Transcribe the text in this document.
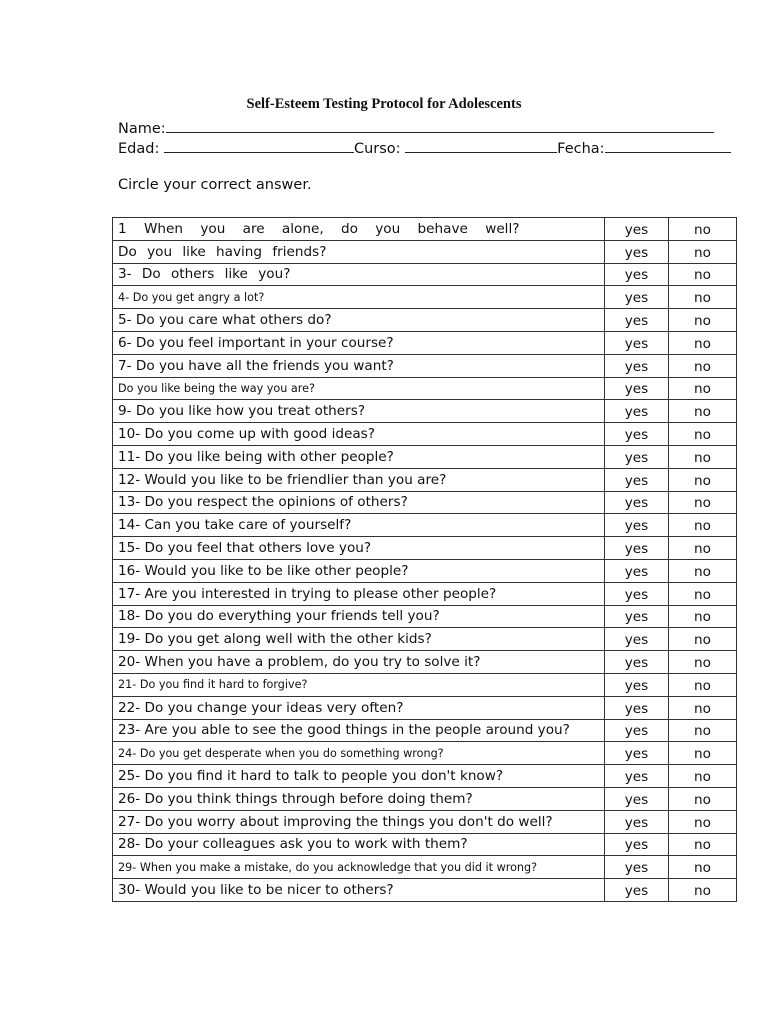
Self-Esteem Testing Protocol for Adolescents
Name:
Edad:	Curso:	Fecha:
Circle your correct answer.
1 When you are alone, do you behave well?	yes	no
Do you like having friends?	yes	no
3- Do others like you?	yes	no
4- Do you get angry a lot?	yes	no
5- Do you care what others do?	yes	no
6- Do you feel important in your course?	yes	no
7- Do you have all the friends you want?	yes	no
Do you like being the way you are?	yes	no
9- Do you like how you treat others?	yes	no
10- Do you come up with good ideas?	yes	no
11- Do you like being with other people?	yes	no
12- Would you like to be friendlier than you are?	yes	no
13- Do you respect the opinions of others?	yes	no
14- Can you take care of yourself?	yes	no
15- Do you feel that others love you?	yes	no
16- Would you like to be like other people?	yes	no
17- Are you interested in trying to please other people?	yes	no
18- Do you do everything your friends tell you?	yes	no
19- Do you get along well with the other kids?	yes	no
20- When you have a problem, do you try to solve it?	yes	no
21- Do you find it hard to forgive?	yes	no
22- Do you change your ideas very often?	yes	no
23- Are you able to see the good things in the people around you?	yes	no
24- Do you get desperate when you do something wrong?	yes	no
25- Do you find it hard to talk to people you don't know?	yes	no
26- Do you think things through before doing them?	yes	no
27- Do you worry about improving the things you don't do well?	yes	no
28- Do your colleagues ask you to work with them?	yes	no
29- When you make a mistake, do you acknowledge that you did it wrong?	yes	no
30- Would you like to be nicer to others?	yes	no
